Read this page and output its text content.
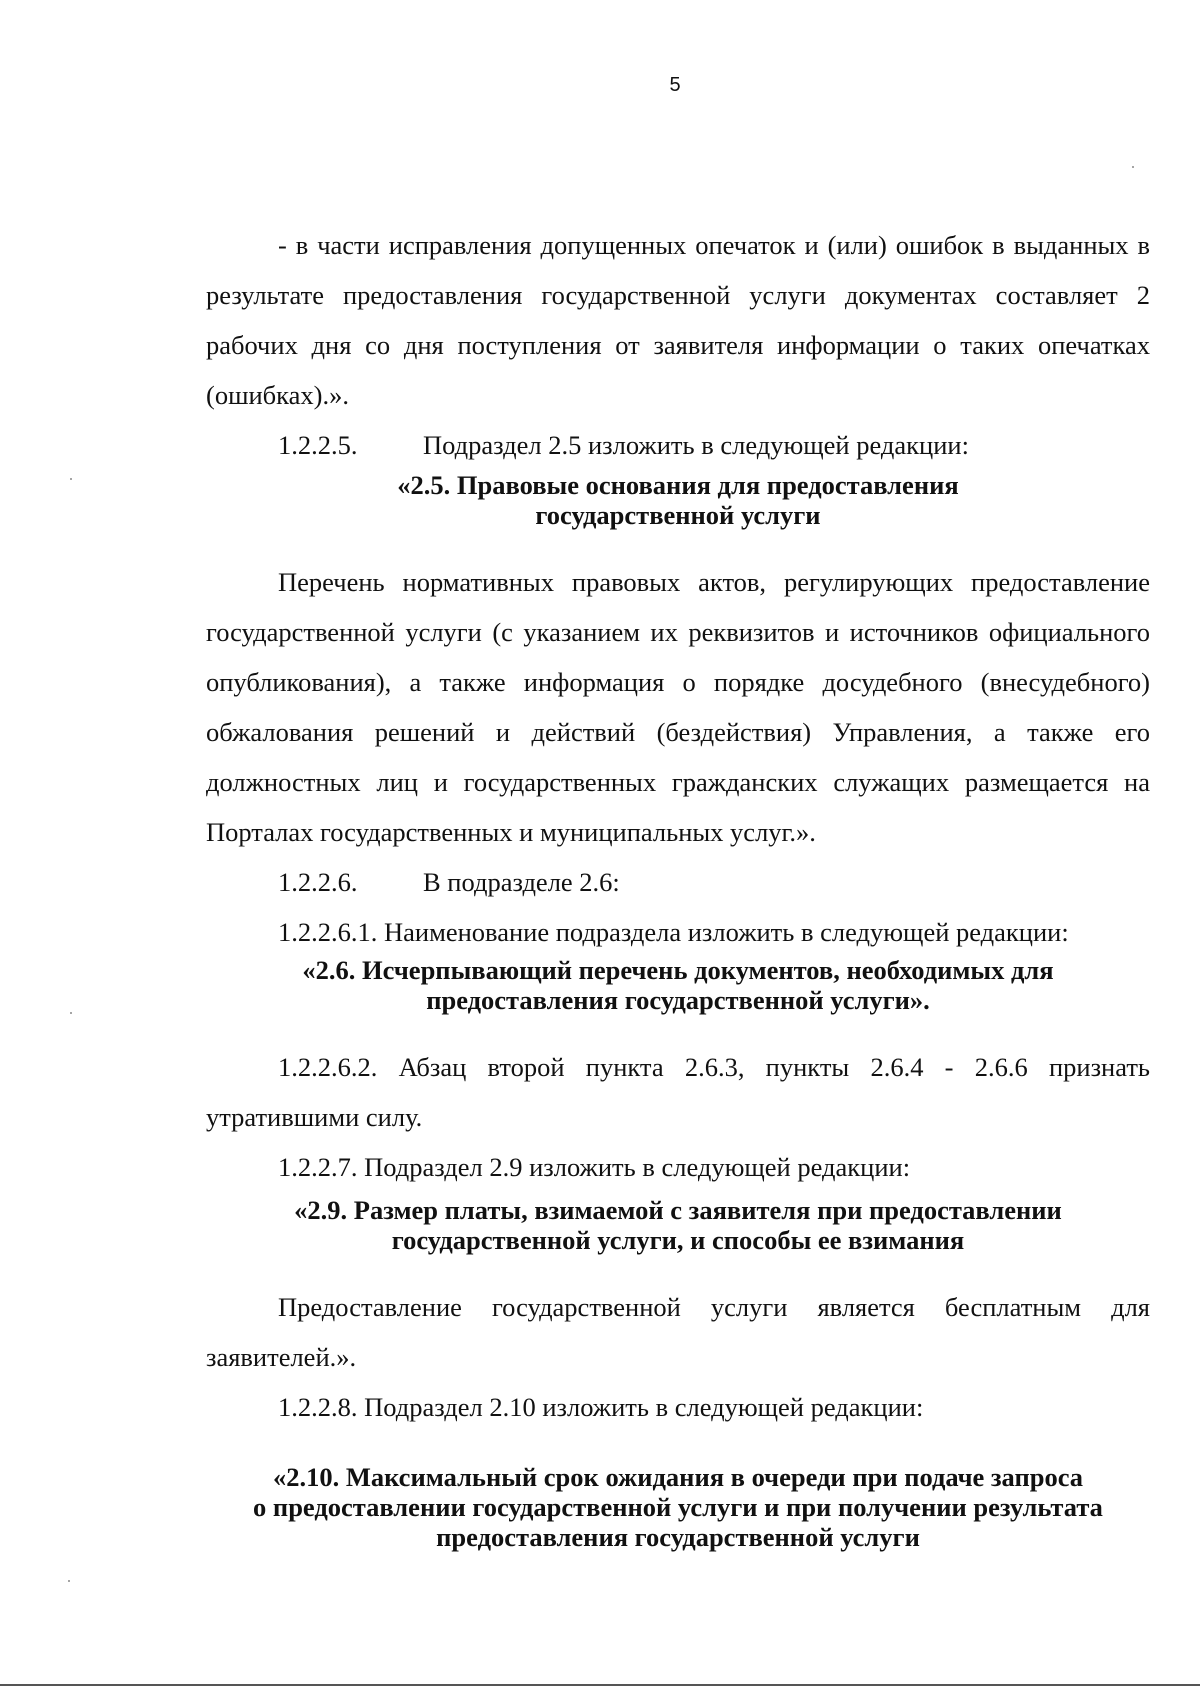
5

- в части исправления допущенных опечаток и (или) ошибок в выданных в результате предоставления государственной услуги документах составляет 2 рабочих дня со дня поступления от заявителя информации о таких опечатках (ошибках).».

1.2.2.5. Подраздел 2.5 изложить в следующей редакции:

«2.5. Правовые основания для предоставления

государственной услуги

Перечень нормативных правовых актов, регулирующих предоставление государственной услуги (с указанием их реквизитов и источников официального опубликования), а также информация о порядке досудебного (внесудебного) обжалования решений и действий (бездействия) Управления, а также его должностных лиц и государственных гражданских служащих размещается на Порталах государственных и муниципальных услуг.».

1.2.2.6. В подразделе 2.6:

1.2.2.6.1. Наименование подраздела изложить в следующей редакции:

«2.6. Исчерпывающий перечень документов, необходимых для

предоставления государственной услуги».

1.2.2.6.2. Абзац второй пункта 2.6.3, пункты 2.6.4 - 2.6.6 признать утратившими силу.

1.2.2.7. Подраздел 2.9 изложить в следующей редакции:

«2.9. Размер платы, взимаемой с заявителя при предоставлении

государственной услуги, и способы ее взимания

Предоставление государственной услуги является бесплатным для заявителей.».

1.2.2.8. Подраздел 2.10 изложить в следующей редакции:

«2.10. Максимальный срок ожидания в очереди при подаче запроса

о предоставлении государственной услуги и при получении результата

предоставления государственной услуги
